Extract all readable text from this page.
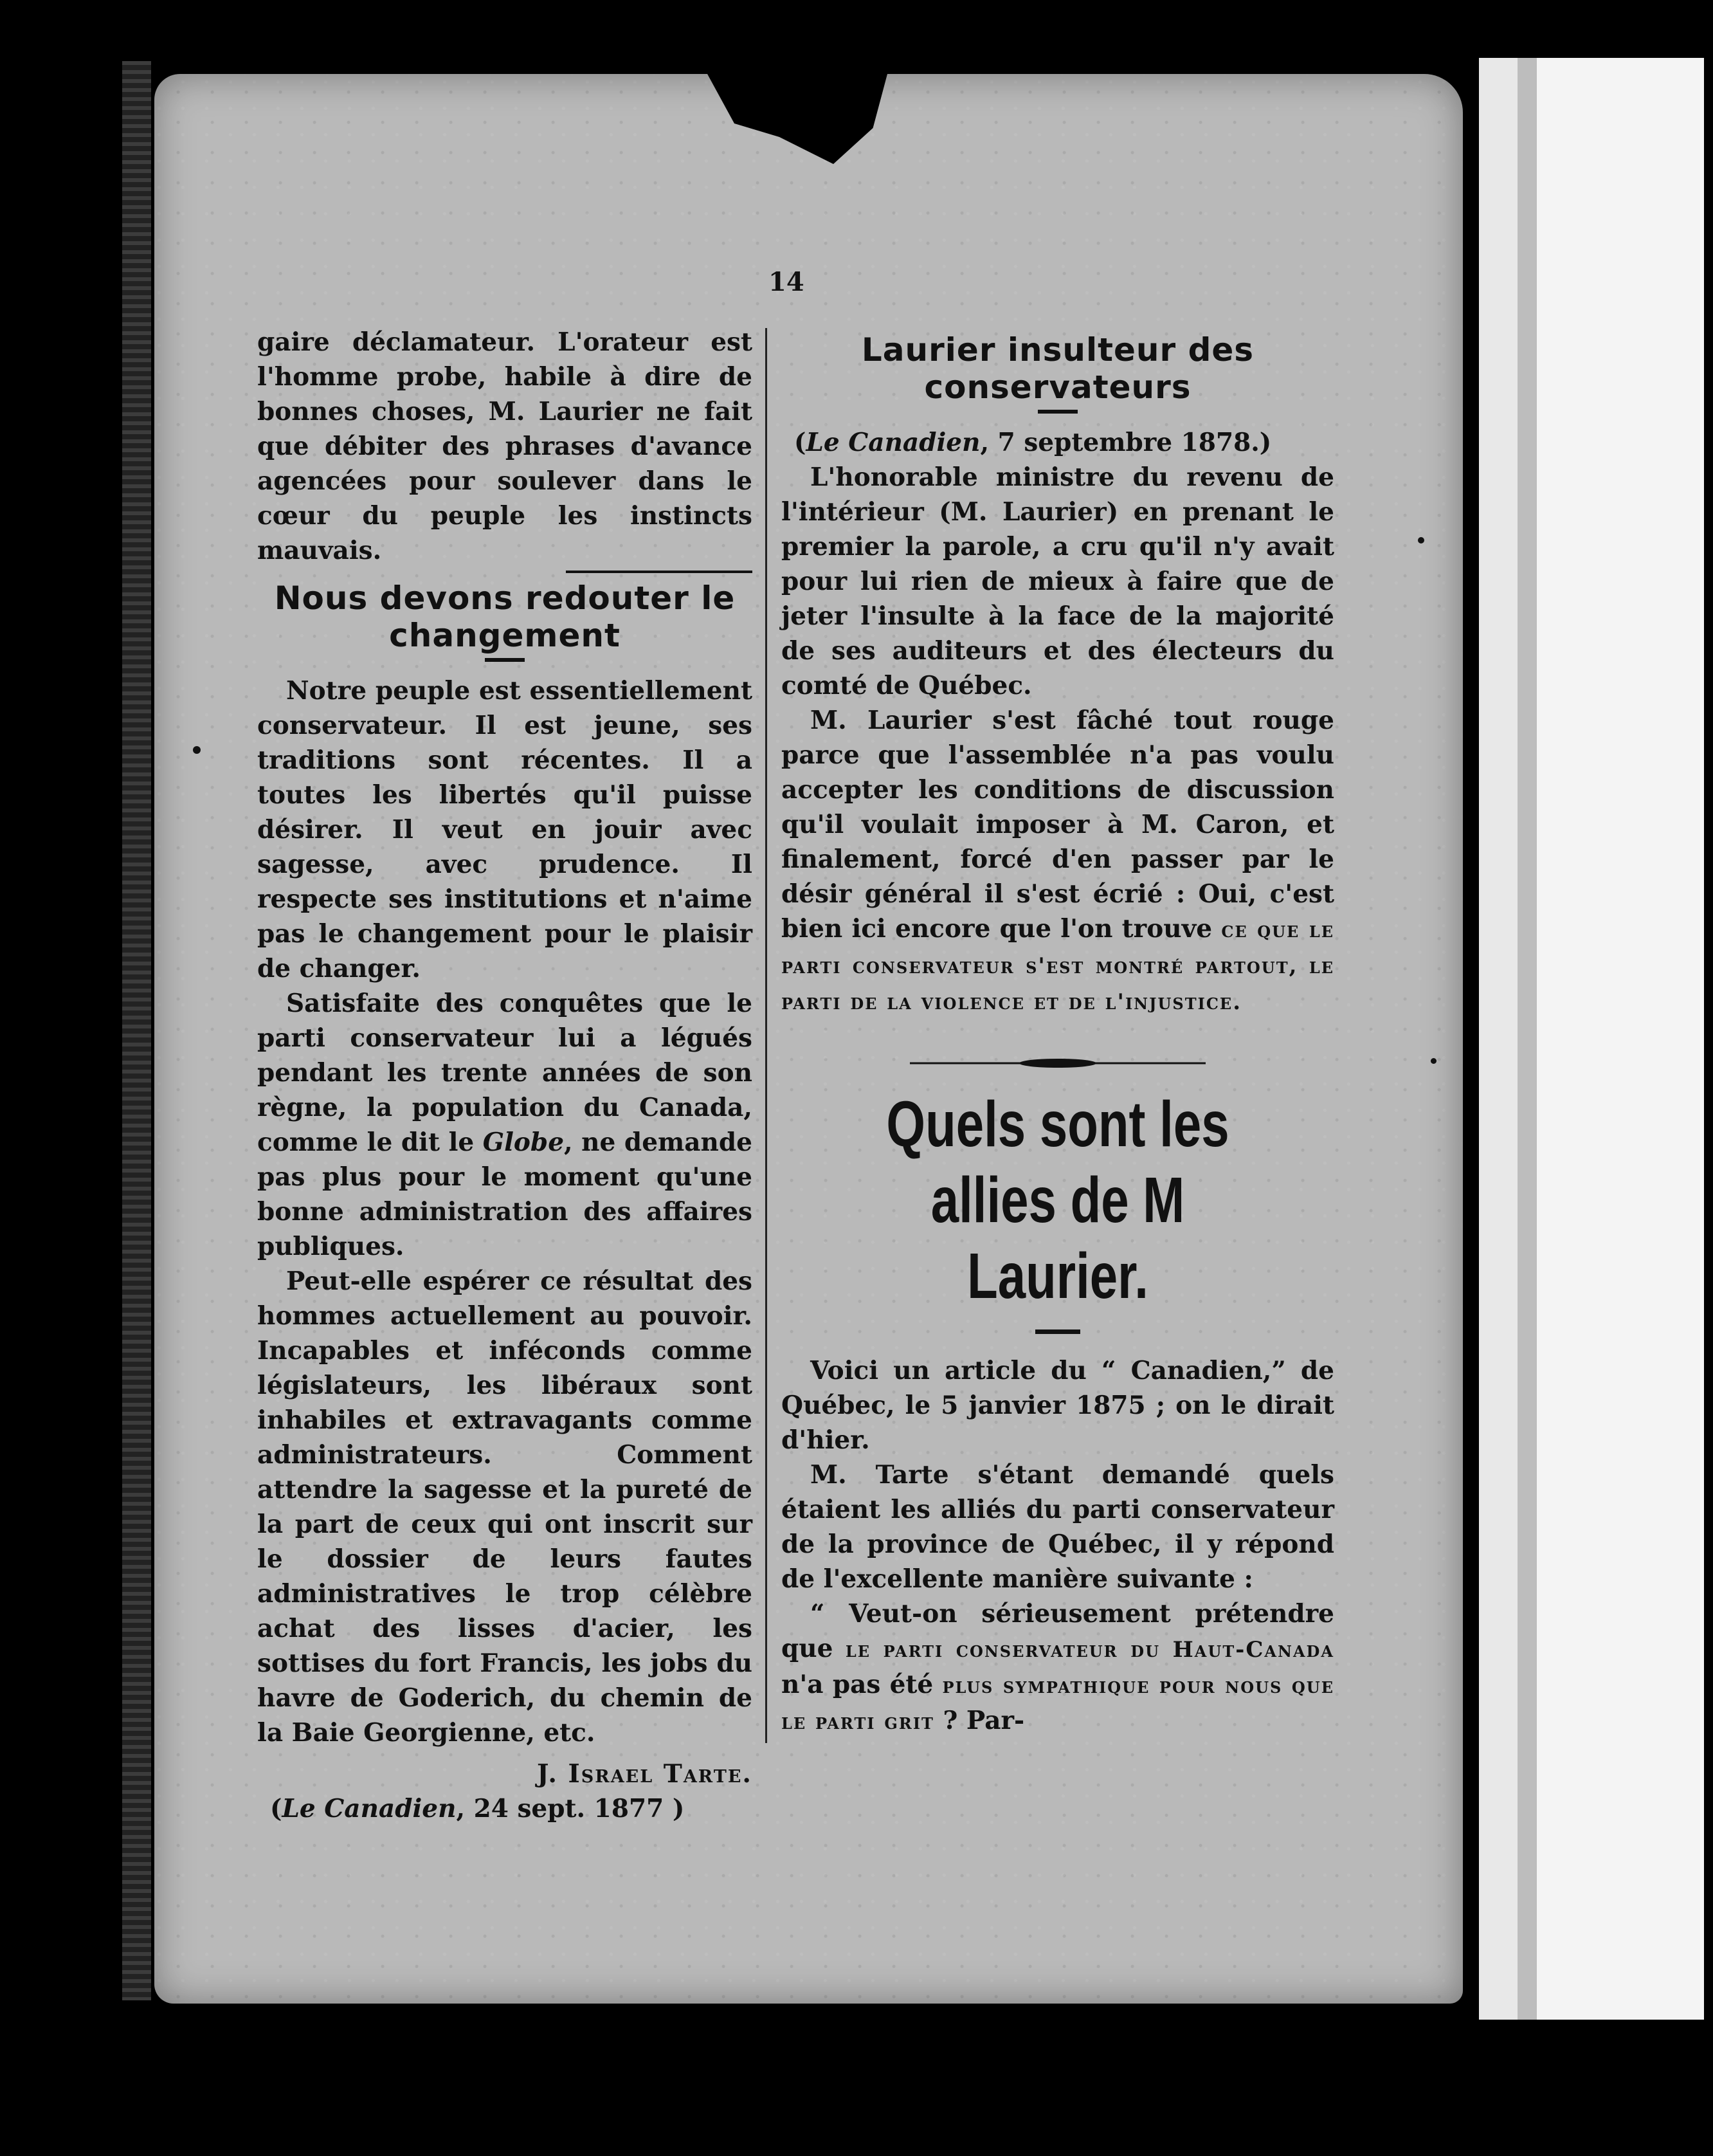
14

gaire déclamateur. L'orateur est l'homme probe, habile à dire de bonnes choses, M. Laurier ne fait que débiter des phrases d'avance agencées pour soulever dans le cœur du peuple les instincts mauvais.

Nous devons redouter le changement

Notre peuple est essentiellement conservateur. Il est jeune, ses traditions sont récentes. Il a toutes les libertés qu'il puisse désirer. Il veut en jouir avec sagesse, avec prudence. Il respecte ses institutions et n'aime pas le changement pour le plaisir de changer.

Satisfaite des conquêtes que le parti conservateur lui a légués pendant les trente années de son règne, la population du Canada, comme le dit le Globe, ne demande pas plus pour le moment qu'une bonne administration des affaires publiques.

Peut-elle espérer ce résultat des hommes actuellement au pouvoir. Incapables et inféconds comme législateurs, les libéraux sont inhabiles et extravagants comme administrateurs. Comment attendre la sagesse et la pureté de la part de ceux qui ont inscrit sur le dossier de leurs fautes administratives le trop célèbre achat des lisses d'acier, les sottises du fort Francis, les jobs du havre de Goderich, du chemin de la Baie Georgienne, etc.

J. Israel Tarte.

(Le Canadien, 24 sept. 1877 )

Laurier insulteur des conservateurs

(Le Canadien, 7 septembre 1878.)

L'honorable ministre du revenu de l'intérieur (M. Laurier) en prenant le premier la parole, a cru qu'il n'y avait pour lui rien de mieux à faire que de jeter l'insulte à la face de la majorité de ses auditeurs et des électeurs du comté de Québec.

M. Laurier s'est fâché tout rouge parce que l'assemblée n'a pas voulu accepter les conditions de discussion qu'il voulait imposer à M. Caron, et finalement, forcé d'en passer par le désir général il s'est écrié : Oui, c'est bien ici encore que l'on trouve ce que le parti conservateur s'est montré partout, le parti de la violence et de l'injustice.

Quels sont les allies de M Laurier.

Voici un article du “ Canadien,” de Québec, le 5 janvier 1875 ; on le dirait d'hier.

M. Tarte s'étant demandé quels étaient les alliés du parti conservateur de la province de Québec, il y répond de l'excellente manière suivante :

“ Veut-on sérieusement prétendre que le parti conservateur du Haut-Canada n'a pas été plus sympathique pour nous que le parti grit ? Par-
